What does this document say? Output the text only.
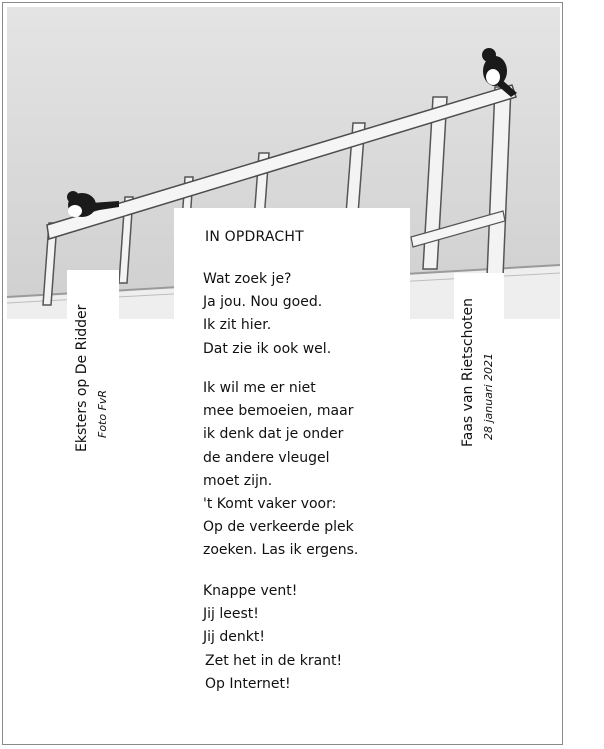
Eksters op De Ridder Foto FvR	Faas van Rietschoten 28 januari 2021
IN OPDRACHT
Wat zoek je?
Ja jou. Nou goed.
Ik zit hier.
Dat zie ik ook wel.
Ik wil me er niet
mee bemoeien, maar
ik denk dat je onder
de andere vleugel
moet zijn.
't Komt vaker voor:
Op de verkeerde plek
zoeken. Las ik ergens.
Knappe vent!
Jij leest!
Jij denkt!
Zet het in de krant!
Op Internet!
